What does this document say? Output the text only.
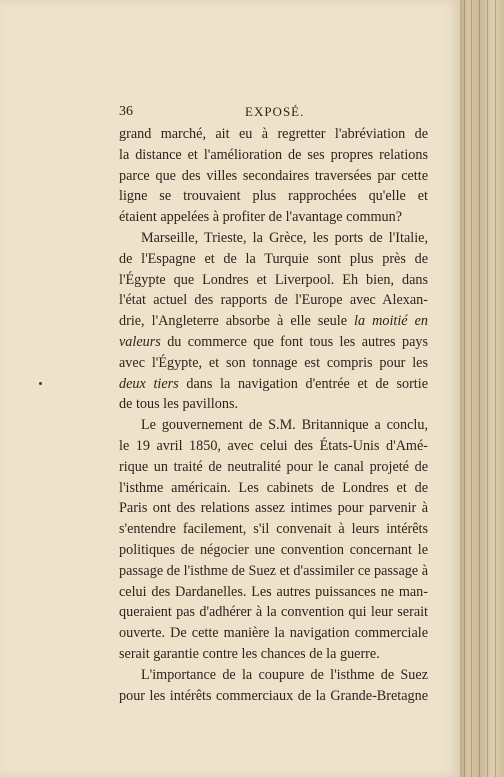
36	EXPOSÉ.
grand marché, ait eu à regretter l'abréviation de
la distance et l'amélioration de ses propres relations
parce que des villes secondaires traversées par cette
ligne se trouvaient plus rapprochées qu'elle et
étaient appelées à profiter de l'avantage commun?
Marseille, Trieste, la Grèce, les ports de l'Italie,
de l'Espagne et de la Turquie sont plus près de
l'Égypte que Londres et Liverpool. Eh bien, dans
l'état actuel des rapports de l'Europe avec Alexan-
drie, l'Angleterre absorbe à elle seule la moitié en
valeurs du commerce que font tous les autres pays
avec l'Égypte, et son tonnage est compris pour les
deux tiers dans la navigation d'entrée et de sortie
de tous les pavillons.
Le gouvernement de S.M. Britannique a conclu,
le 19 avril 1850, avec celui des États-Unis d'Amé-
rique un traité de neutralité pour le canal projeté de
l'isthme américain. Les cabinets de Londres et de
Paris ont des relations assez intimes pour parvenir à
s'entendre facilement, s'il convenait à leurs intérêts
politiques de négocier une convention concernant le
passage de l'isthme de Suez et d'assimiler ce passage à
celui des Dardanelles. Les autres puissances ne man-
queraient pas d'adhérer à la convention qui leur serait
ouverte. De cette manière la navigation commerciale
serait garantie contre les chances de la guerre.
L'importance de la coupure de l'isthme de Suez
pour les intérêts commerciaux de la Grande-Bretagne
